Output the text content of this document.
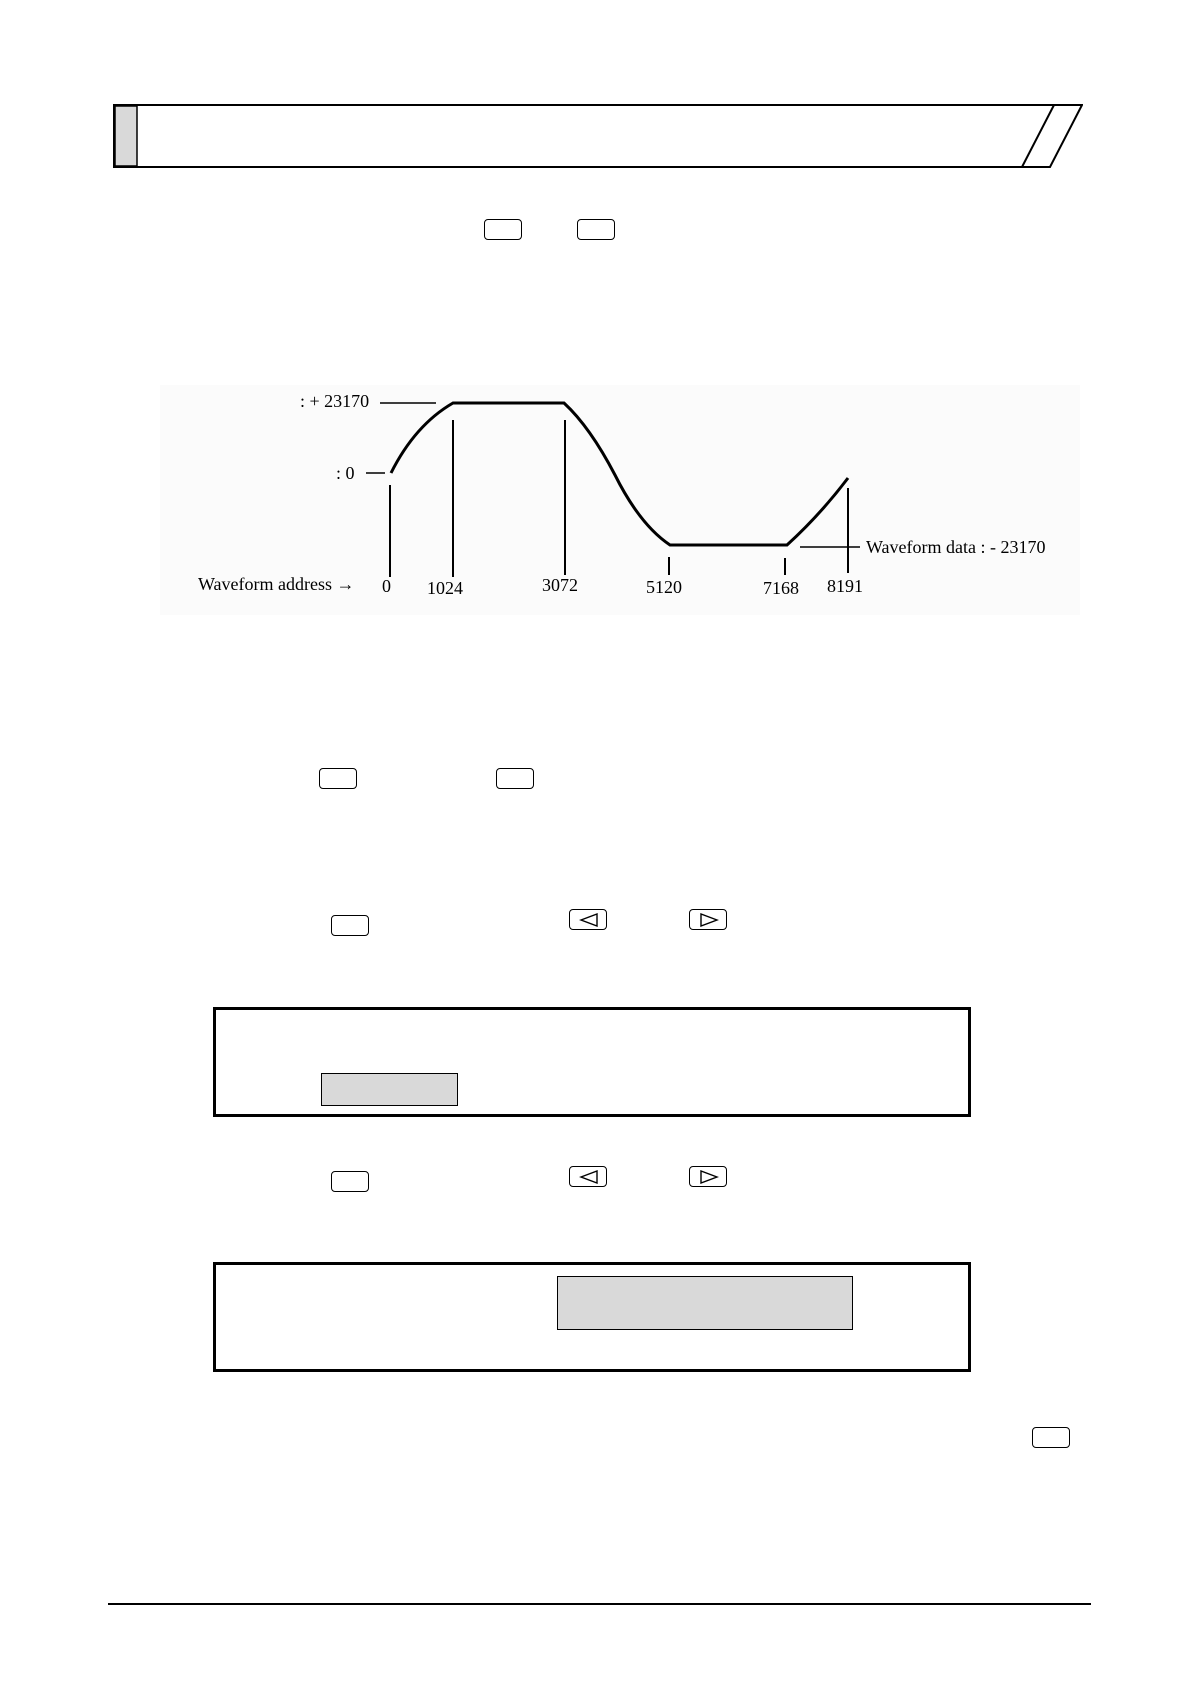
: + 23170
: 0
Waveform data : - 23170
Waveform address → 0 1024	3072	5120	7168 8191
